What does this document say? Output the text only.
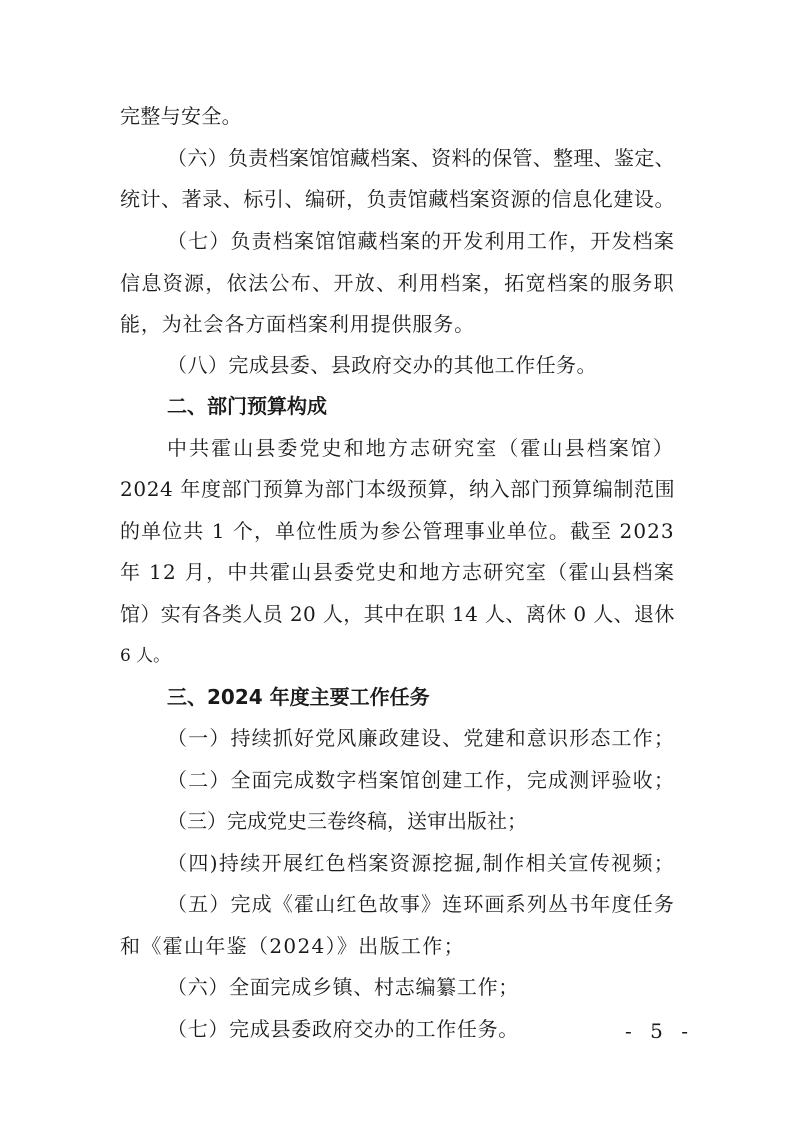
完整与安全。
（六）负责档案馆馆藏档案、资料的保管、整理、鉴定、
统计、著录、标引、编研，负责馆藏档案资源的信息化建设。
（七）负责档案馆馆藏档案的开发利用工作，开发档案
信息资源，依法公布、开放、利用档案，拓宽档案的服务职
能，为社会各方面档案利用提供服务。
（八）完成县委、县政府交办的其他工作任务。
二、部门预算构成
中共霍山县委党史和地方志研究室（霍山县档案馆）
2024 年度部门预算为部门本级预算，纳入部门预算编制范围
的单位共 1 个，单位性质为参公管理事业单位。截至 2023
年 12 月，中共霍山县委党史和地方志研究室（霍山县档案
馆）实有各类人员 20 人，其中在职 14 人、离休 0 人、退休
6 人。
三、2024 年度主要工作任务
（一）持续抓好党风廉政建设、党建和意识形态工作；
（二）全面完成数字档案馆创建工作，完成测评验收；
（三）完成党史三卷终稿，送审出版社；
（四)持续开展红色档案资源挖掘,制作相关宣传视频；
（五）完成《霍山红色故事》连环画系列丛书年度任务
和《霍山年鉴（2024）》出版工作；
（六）全面完成乡镇、村志编纂工作；
（七）完成县委政府交办的工作任务。	- 5 -
